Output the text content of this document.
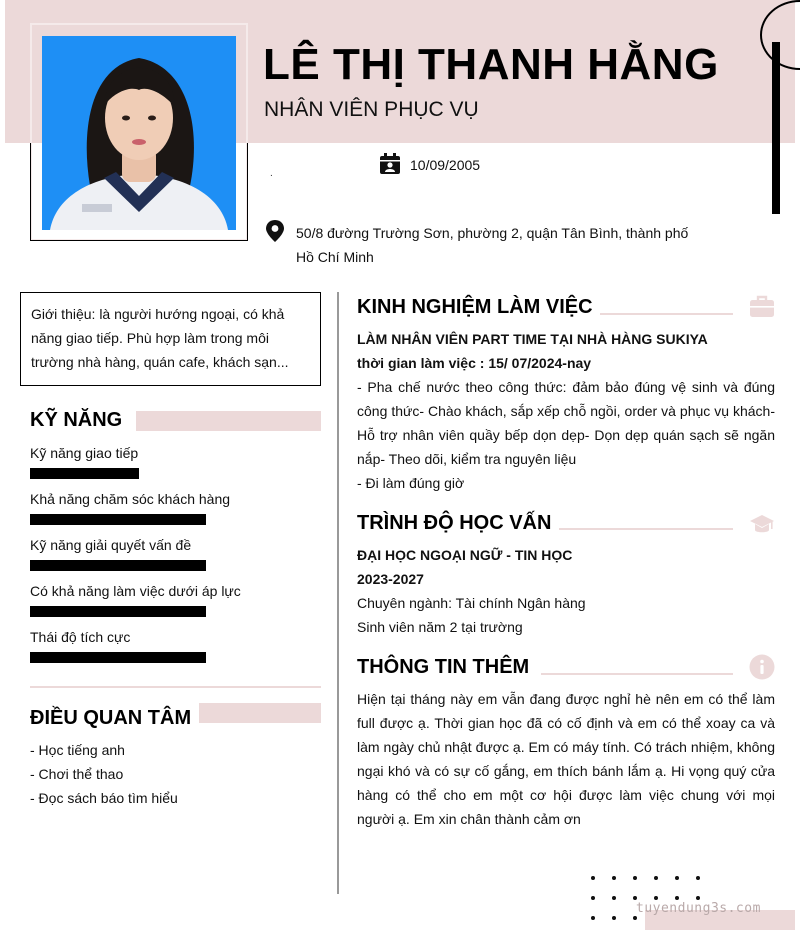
LÊ THỊ THANH HẰNG
NHÂN VIÊN PHỤC VỤ
.
10/09/2005
50/8 đường Trường Sơn, phường 2, quận Tân Bình, thành phố Hồ Chí Minh
Giới thiệu: là người hướng ngoại, có khả năng giao tiếp. Phù hợp làm trong môi trường nhà hàng, quán cafe, khách sạn...
KỸ NĂNG
Kỹ năng giao tiếp
Khả năng chăm sóc khách hàng
Kỹ năng giải quyết vấn đề
Có khả năng làm việc dưới áp lực
Thái độ tích cực
ĐIỀU QUAN TÂM
- Học tiếng anh
- Chơi thể thao
- Đọc sách báo tìm hiểu
KINH NGHIỆM LÀM VIỆC
LÀM NHÂN VIÊN PART TIME TẠI NHÀ HÀNG SUKIYA
thời gian làm việc : 15/ 07/2024-nay
- Pha chế nước theo công thức: đảm bảo đúng vệ sinh và đúng công thức- Chào khách, sắp xếp chỗ ngồi, order và phục vụ khách- Hỗ trợ nhân viên quầy bếp dọn dẹp- Dọn dẹp quán sạch sẽ ngăn nắp- Theo dõi, kiểm tra nguyên liệu
- Đi làm đúng giờ
TRÌNH ĐỘ HỌC VẤN
ĐẠI HỌC NGOẠI NGỮ - TIN HỌC
2023-2027
Chuyên ngành: Tài chính Ngân hàng
Sinh viên năm 2 tại trường
THÔNG TIN THÊM
Hiện tại tháng này em vẫn đang được nghỉ hè nên em có thể làm full được ạ. Thời gian học đã có cố định và em có thể xoay ca và làm ngày chủ nhật được ạ. Em có máy tính. Có trách nhiệm, không ngại khó và có sự cố gắng, em thích bánh lắm ạ. Hi vọng quý cửa hàng có thể cho em một cơ hội được làm việc chung với mọi người ạ. Em xin chân thành cảm ơn
tuyendung3s.com
